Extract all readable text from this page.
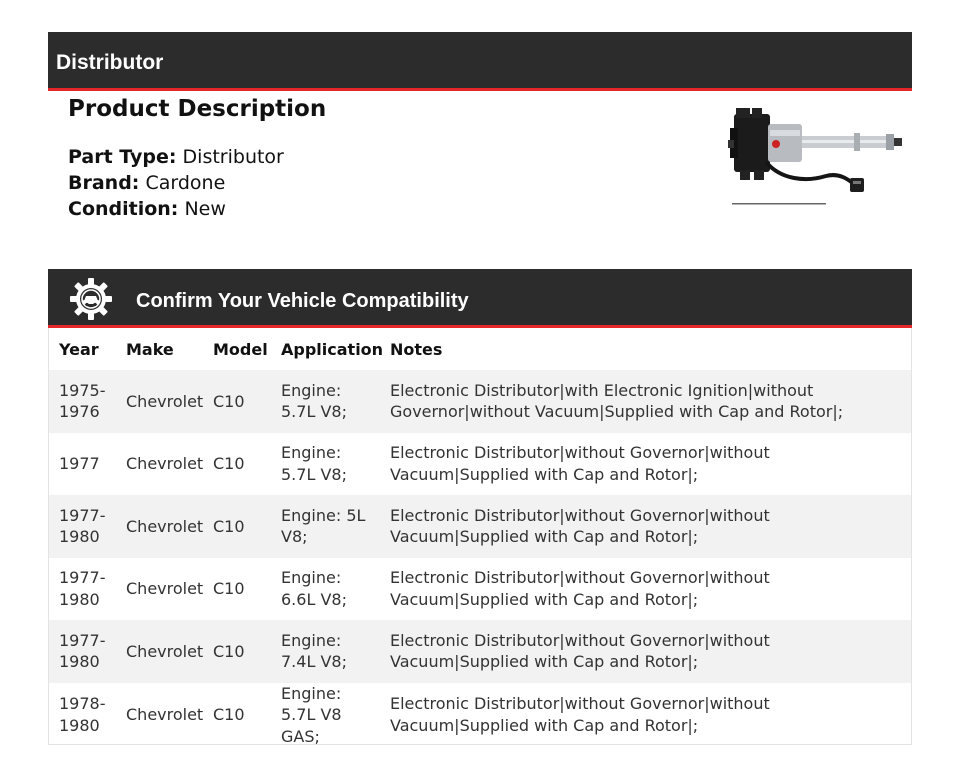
Distributor
Product Description
Part Type: Distributor
Brand: Cardone
Condition: New
Confirm Your Vehicle Compatibility
Year	Make	Model	Application	Notes
1975-1976	Chevrolet	C10	Engine: 5.7L V8;	Electronic Distributor|with Electronic Ignition|without Governor|without Vacuum|Supplied with Cap and Rotor|;
1977	Chevrolet	C10	Engine: 5.7L V8;	Electronic Distributor|without Governor|without Vacuum|Supplied with Cap and Rotor|;
1977-1980	Chevrolet	C10	Engine: 5L V8;	Electronic Distributor|without Governor|without Vacuum|Supplied with Cap and Rotor|;
1977-1980	Chevrolet	C10	Engine: 6.6L V8;	Electronic Distributor|without Governor|without Vacuum|Supplied with Cap and Rotor|;
1977-1980	Chevrolet	C10	Engine: 7.4L V8;	Electronic Distributor|without Governor|without Vacuum|Supplied with Cap and Rotor|;
1978-1980	Chevrolet	C10	Engine: 5.7L V8 GAS;	Electronic Distributor|without Governor|without Vacuum|Supplied with Cap and Rotor|;
